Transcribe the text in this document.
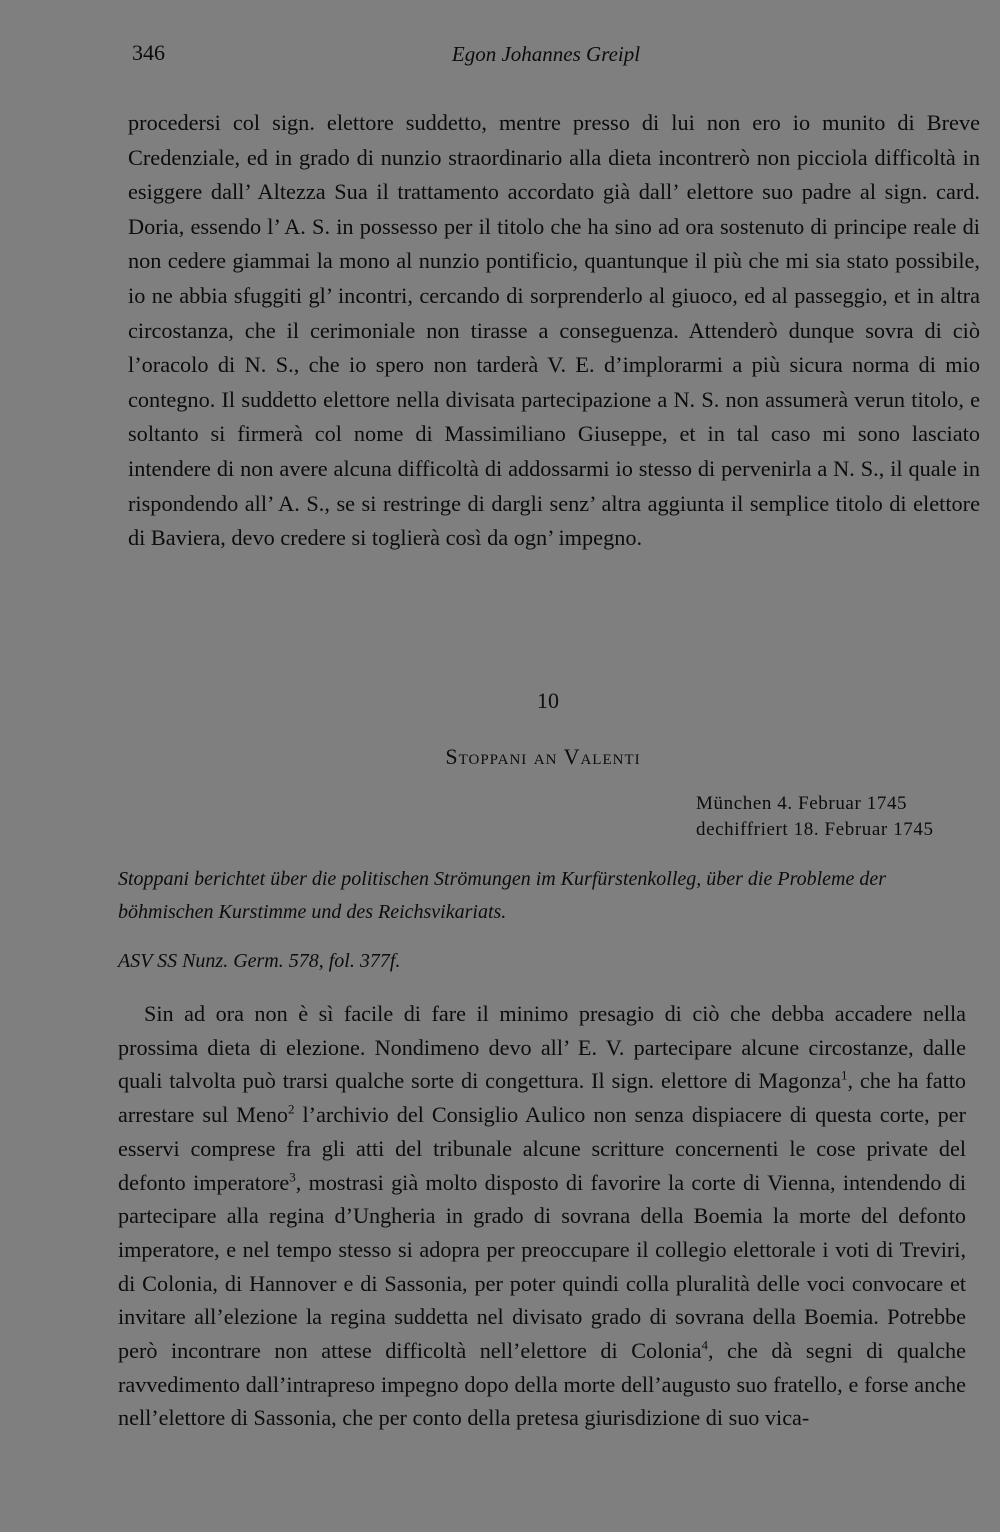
346	Egon Johannes Greipl

procedersi col sign. elettore suddetto, mentre presso di lui non ero io munito di Breve Credenziale, ed in grado di nunzio straordinario alla dieta incontrerò non picciola difficoltà in esiggere dall’ Altezza Sua il trattamento accordato già dall’ elettore suo padre al sign. card. Doria, essendo l’ A. S. in possesso per il titolo che ha sino ad ora sostenuto di principe reale di non cedere giammai la mono al nunzio pontificio, quantunque il più che mi sia stato possibile, io ne abbia sfuggiti gl’ incontri, cercando di sorprenderlo al giuoco, ed al passeggio, et in altra circostanza, che il cerimoniale non tirasse a conseguenza. Attenderò dunque sovra di ciò l’oracolo di N. S., che io spero non tarderà V. E. d’implorarmi a più sicura norma di mio contegno. Il suddetto elettore nella divisata partecipazione a N. S. non assumerà verun titolo, e soltanto si firmerà col nome di Massimiliano Giuseppe, et in tal caso mi sono lasciato intendere di non avere alcuna difficoltà di addossarmi io stesso di pervenirla a N. S., il quale in rispondendo all’ A. S., se si restringe di dargli senz’ altra aggiunta il semplice titolo di elettore di Baviera, devo credere si toglierà così da ogn’ impegno.

10
Stoppani an Valenti
München 4. Februar 1745
dechiffriert 18. Februar 1745
Stoppani berichtet über die politischen Strömungen im Kurfürstenkolleg, über die Probleme der böhmischen Kurstimme und des Reichsvikariats.
ASV SS Nunz. Germ. 578, fol. 377f.

Sin ad ora non è sì facile di fare il minimo presagio di ciò che debba accadere nella prossima dieta di elezione. Nondimeno devo all’ E. V. partecipare alcune circostanze, dalle quali talvolta può trarsi qualche sorte di congettura. Il sign. elettore di Magonza$^1$, che ha fatto arrestare sul Meno$^2$ l’archivio del Consiglio Aulico non senza dispiacere di questa corte, per esservi comprese fra gli atti del tribunale alcune scritture concernenti le cose private del defonto imperatore$^3$, mostrasi già molto disposto di favorire la corte di Vienna, intendendo di partecipare alla regina d’Ungheria in grado di sovrana della Boemia la morte del defonto imperatore, e nel tempo stesso si adopra per preoccupare il collegio elettorale i voti di Treviri, di Colonia, di Hannover e di Sassonia, per poter quindi colla pluralità delle voci convocare et invitare all’elezione la regina suddetta nel divisato grado di sovrana della Boemia. Potrebbe però incontrare non attese difficoltà nell’elettore di Colonia$^4$, che dà segni di qualche ravvedimento dall’intrapreso impegno dopo della morte dell’augusto suo fratello, e forse anche nell’elettore di Sassonia, che per conto della pretesa giurisdizione di suo vica-
